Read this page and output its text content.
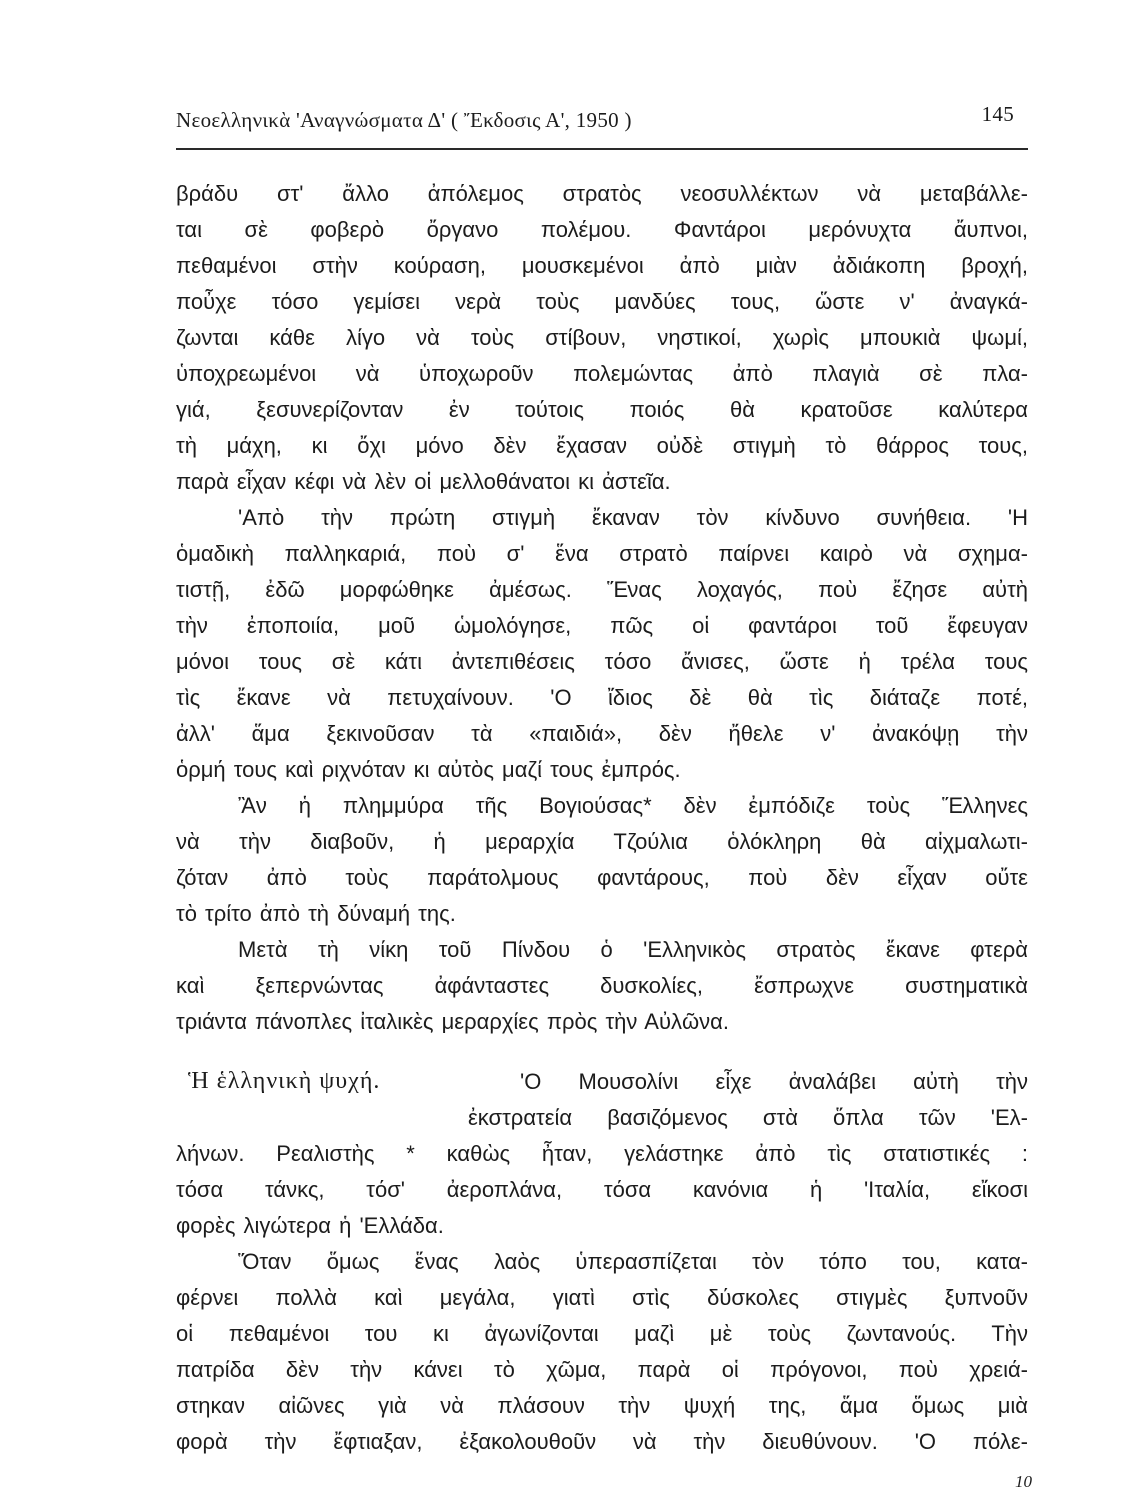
Νεοελληνικὰ 'Αναγνώσματα Δ' ( Ἔκδοσις Α', 1950 )	145
βράδυ στ' ἄλλο ἀπόλεμος στρατὸς νεοσυλλέκτων νὰ μεταβάλλε-
ται σὲ φοβερὸ ὄργανο πολέμου. Φαντάροι μερόνυχτα ἄυπνοι,
πεθαμένοι στὴν κούραση, μουσκεμένοι ἀπὸ μιὰν ἀδιάκοπη βροχή,
ποὖχε τόσο γεμίσει νερὰ τοὺς μανδύες τους, ὥστε ν' ἀναγκά-
ζωνται κάθε λίγο νὰ τοὺς στίβουν, νηστικοί, χωρὶς μπουκιὰ ψωμί,
ὑποχρεωμένοι νὰ ὑποχωροῦν πολεμώντας ἀπὸ πλαγιὰ σὲ πλα-
γιά, ξεσυνερίζονταν ἐν τούτοις ποιός θὰ κρατοῦσε καλύτερα
τὴ μάχη, κι ὄχι μόνο δὲν ἔχασαν οὐδὲ στιγμὴ τὸ θάρρος τους,
παρὰ εἶχαν κέφι νὰ λὲν οἱ μελλοθάνατοι κι ἀστεῖα.
'Απὸ τὴν πρώτη στιγμὴ ἔκαναν τὸν κίνδυνο συνήθεια. 'Η
ὁμαδικὴ παλληκαριά, ποὺ σ' ἕνα στρατὸ παίρνει καιρὸ νὰ σχημα-
τιστῇ, ἐδῶ μορφώθηκε ἀμέσως. Ἕνας λοχαγός, ποὺ ἔζησε αὐτὴ
τὴν ἐποποιία, μοῦ ὡμολόγησε, πῶς οἱ φαντάροι τοῦ ἔφευγαν
μόνοι τους σὲ κάτι ἀντεπιθέσεις τόσο ἄνισες, ὥστε ἡ τρέλα τους
τὶς ἔκανε νὰ πετυχαίνουν. 'Ο ἴδιος δὲ θὰ τὶς διάταζε ποτέ,
ἀλλ' ἅμα ξεκινοῦσαν τὰ «παιδιά», δὲν ἤθελε ν' ἀνακόψῃ τὴν
ὁρμή τους καὶ ριχνόταν κι αὐτὸς μαζί τους ἐμπρός.
Ἂν ἡ πλημμύρα τῆς Βογιούσας* δὲν ἐμπόδιζε τοὺς Ἕλληνες
νὰ τὴν διαβοῦν, ἡ μεραρχία Τζούλια ὁλόκληρη θὰ αἰχμαλωτι-
ζόταν ἀπὸ τοὺς παράτολμους φαντάρους, ποὺ δὲν εἶχαν οὔτε
τὸ τρίτο ἀπὸ τὴ δύναμή της.
Μετὰ τὴ νίκη τοῦ Πίνδου ὁ 'Ελληνικὸς στρατὸς ἔκανε φτερὰ
καὶ ξεπερνώντας ἀφάνταστες δυσκολίες, ἔσπρωχνε συστηματικὰ
τριάντα πάνοπλες ἰταλικὲς μεραρχίες πρὸς τὴν Αὐλῶνα.
'Ο Μουσολίνι εἶχε ἀναλάβει αὐτὴ τὴν
ἐκστρατεία βασιζόμενος στὰ ὅπλα τῶν 'Ελ-
λήνων. Ρεαλιστὴς * καθὼς ἦταν, γελάστηκε ἀπὸ τὶς στατιστικές :
τόσα τάνκς, τόσ' ἀεροπλάνα, τόσα κανόνια ἡ 'Ιταλία, εἴκοσι
φορὲς λιγώτερα ἡ 'Ελλάδα.
Ὅταν ὅμως ἕνας λαὸς ὑπερασπίζεται τὸν τόπο του, κατα-
φέρνει πολλὰ καὶ μεγάλα, γιατὶ στὶς δύσκολες στιγμὲς ξυπνοῦν
οἱ πεθαμένοι του κι ἀγωνίζονται μαζὶ μὲ τοὺς ζωντανούς. Τὴν
πατρίδα δὲν τὴν κάνει τὸ χῶμα, παρὰ οἱ πρόγονοι, ποὺ χρειά-
στηκαν αἰῶνες γιὰ νὰ πλάσουν τὴν ψυχή της, ἅμα ὅμως μιὰ
φορὰ τὴν ἔφτιαξαν, ἐξακολουθοῦν νὰ τὴν διευθύνουν. 'Ο πόλε-
Ἡ ἑλληνικὴ ψυχή.
10
